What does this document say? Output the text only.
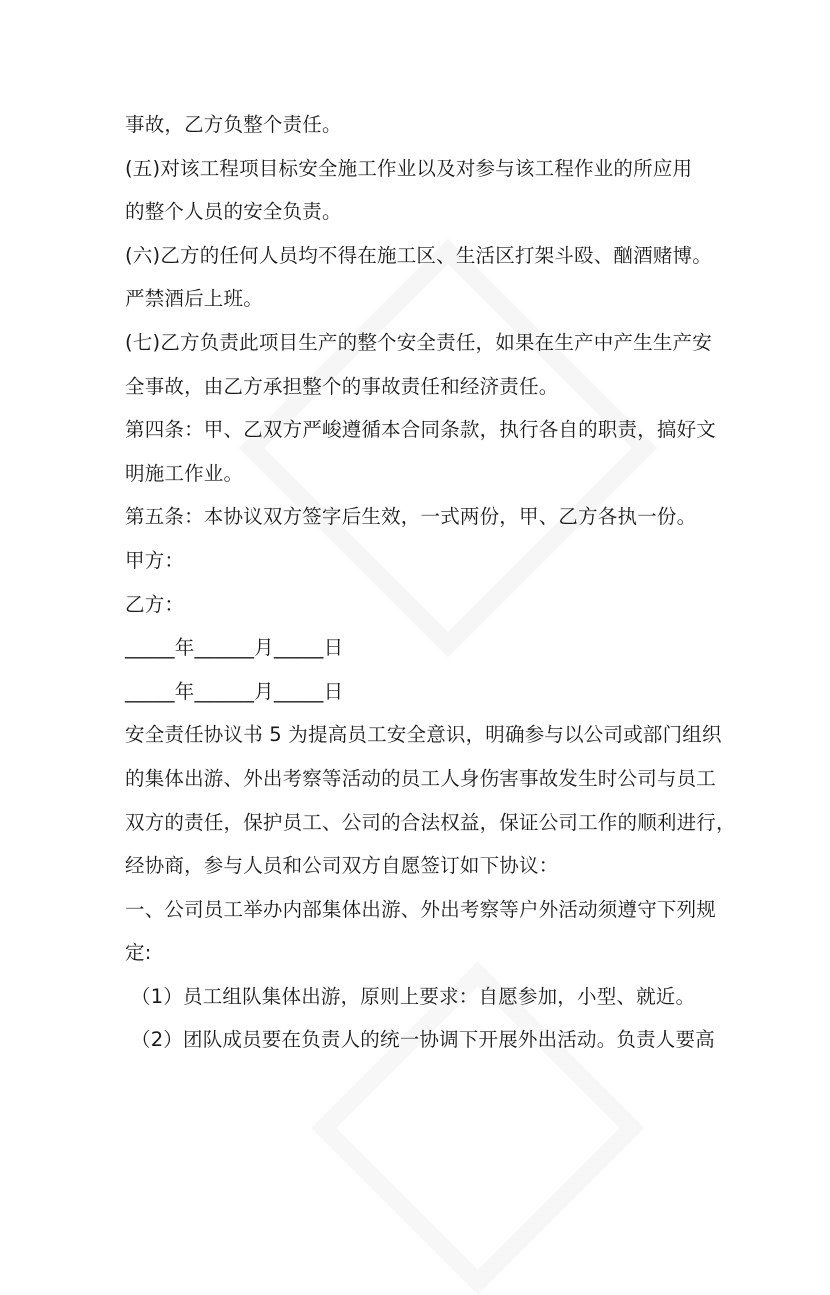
事故，乙方负整个责任。
(五)对该工程项目标安全施工作业以及对参与该工程作业的所应用
的整个人员的安全负责。
(六)乙方的任何人员均不得在施工区、生活区打架斗殴、酗酒赌博。
严禁酒后上班。
(七)乙方负责此项目生产的整个安全责任，如果在生产中产生生产安
全事故，由乙方承担整个的事故责任和经济责任。
第四条：甲、乙双方严峻遵循本合同条款，执行各自的职责，搞好文
明施工作业。
第五条：本协议双方签字后生效，一式两份，甲、乙方各执一份。
甲方：
乙方：
_____年______月_____日
_____年______月_____日
安全责任协议书 5 为提高员工安全意识，明确参与以公司或部门组织
的集体出游、外出考察等活动的员工人身伤害事故发生时公司与员工
双方的责任，保护员工、公司的合法权益，保证公司工作的顺利进行，
经协商，参与人员和公司双方自愿签订如下协议：
一、公司员工举办内部集体出游、外出考察等户外活动须遵守下列规
定:
（1）员工组队集体出游，原则上要求：自愿参加，小型、就近。
（2）团队成员要在负责人的统一协调下开展外出活动。负责人要高
